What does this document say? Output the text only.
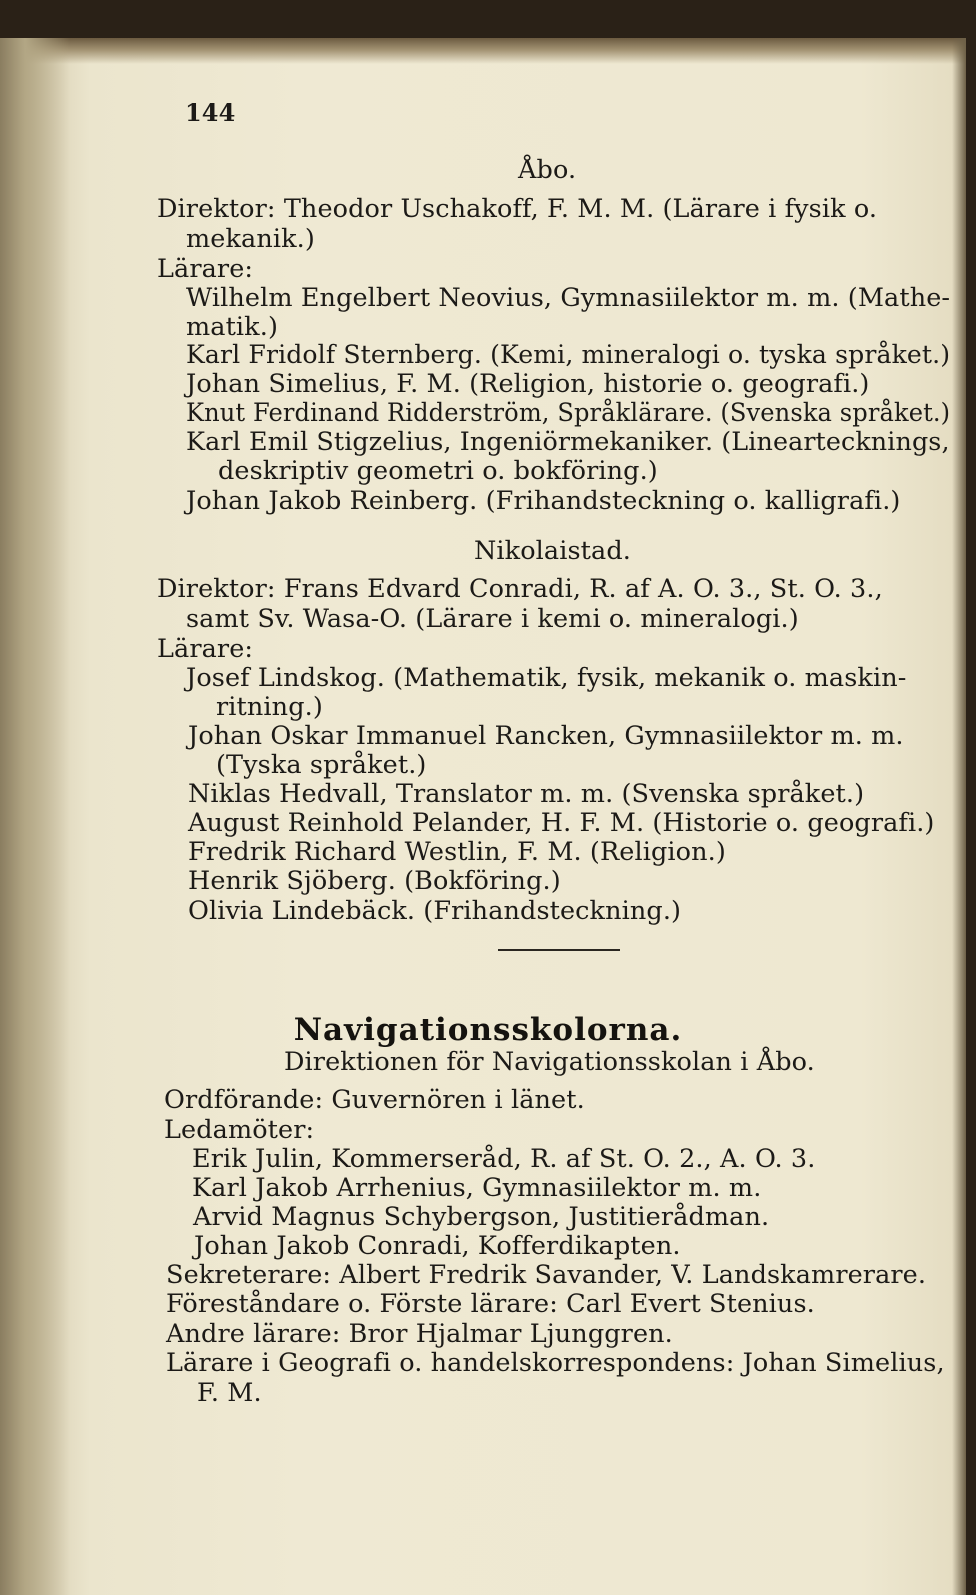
144
Åbo.
Direktor: Theodor Uschakoff, F. M. M. (Lärare i fysik o.
mekanik.)
Lärare:
Wilhelm Engelbert Neovius, Gymnasiilektor m. m. (Mathe-
matik.)
Karl Fridolf Sternberg. (Kemi, mineralogi o. tyska språket.)
Johan Simelius, F. M. (Religion, historie o. geografi.)
Knut Ferdinand Ridderström, Språklärare. (Svenska språket.)
Karl Emil Stigzelius, Ingeniörmekaniker. (Lineartecknings,
deskriptiv geometri o. bokföring.)
Johan Jakob Reinberg. (Frihandsteckning o. kalligrafi.)
Nikolaistad.
Direktor: Frans Edvard Conradi, R. af A. O. 3., St. O. 3.,
samt Sv. Wasa-O. (Lärare i kemi o. mineralogi.)
Lärare:
Josef Lindskog. (Mathematik, fysik, mekanik o. maskin-
ritning.)
Johan Oskar Immanuel Rancken, Gymnasiilektor m. m.
(Tyska språket.)
Niklas Hedvall, Translator m. m. (Svenska språket.)
August Reinhold Pelander, H. F. M. (Historie o. geografi.)
Fredrik Richard Westlin, F. M. (Religion.)
Henrik Sjöberg. (Bokföring.)
Olivia Lindebäck. (Frihandsteckning.)
Navigationsskolorna.
Direktionen för Navigationsskolan i Åbo.
Ordförande: Guvernören i länet.
Ledamöter:
Erik Julin, Kommerseråd, R. af St. O. 2., A. O. 3.
Karl Jakob Arrhenius, Gymnasiilektor m. m.
Arvid Magnus Schybergson, Justitierådman.
Johan Jakob Conradi, Kofferdikapten.
Sekreterare: Albert Fredrik Savander, V. Landskamrerare.
Föreståndare o. Förste lärare: Carl Evert Stenius.
Andre lärare: Bror Hjalmar Ljunggren.
Lärare i Geografi o. handelskorrespondens: Johan Simelius,
F. M.
